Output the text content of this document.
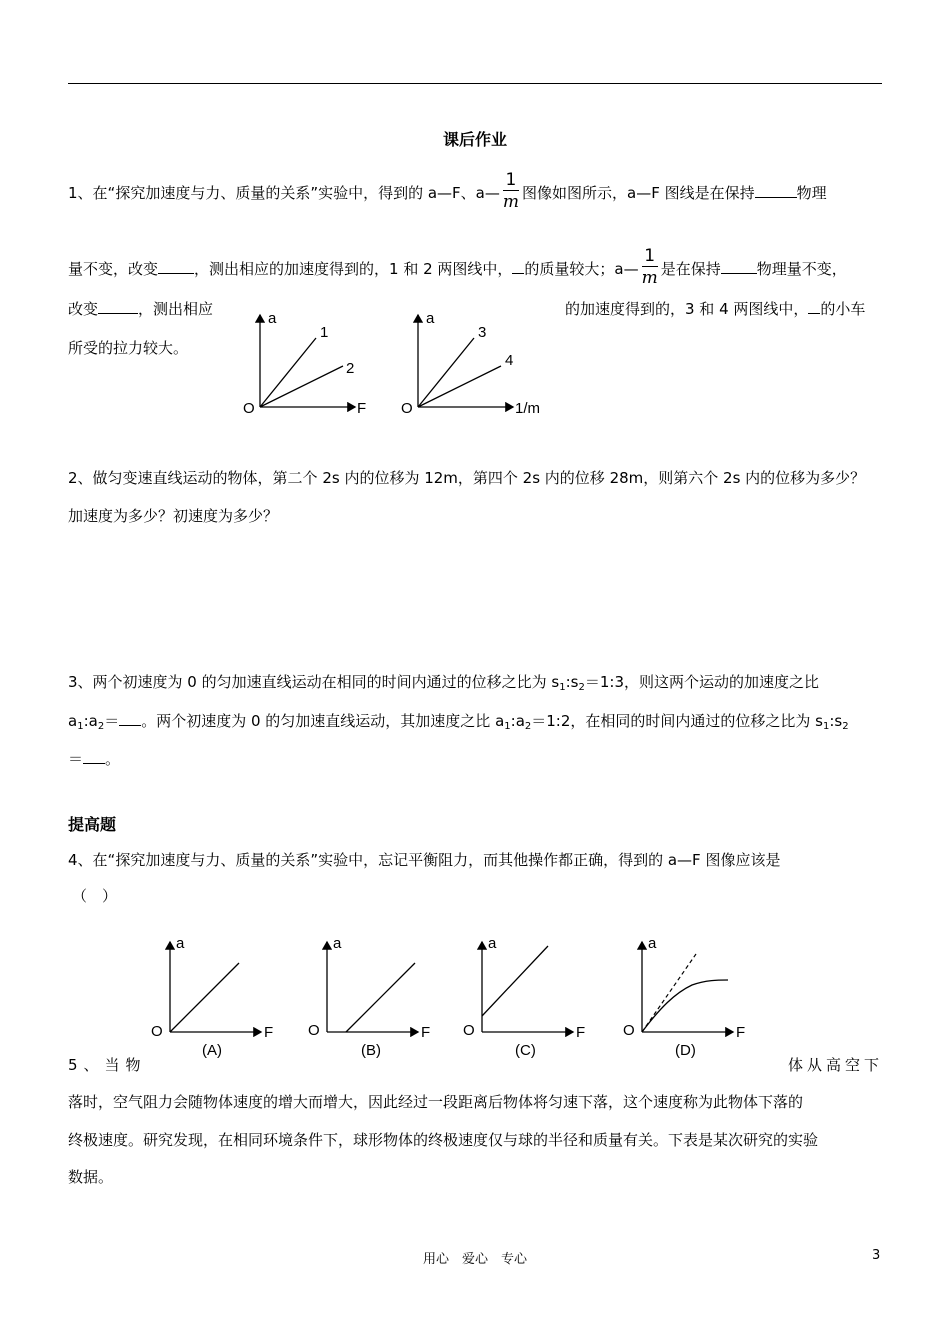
课后作业
1、在“探究加速度与力、质量的关系”实验中，得到的 a—F、a— $\frac{1}{m}$ 图像如图所示，a—F 图线是在保持	物理
量不变，改变 ，测出相应的加速度得到的，1 和 2 两图线中， 的质量较大；a— $\frac{1}{m}$ 是在保持 物理量不变，
改变	，测出相应	的加速度得到的，3 和 4 两图线中， 的小车
所受的拉力较大。
a
F
O
1
2
a
1/m
O
3
4
2、做匀变速直线运动的物体，第二个 2s 内的位移为 12m，第四个 2s 内的位移 28m，则第六个 2s 内的位移为多少？
加速度为多少？初速度为多少？
3、两个初速度为 0 的匀加速直线运动在相同的时间内通过的位移之比为 $s_1:s_2=1:3$，则这两个运动的加速度之比
$a_1:a_2=$ 。两个初速度为 0 的匀加速直线运动，其加速度之比 $a_1:a_2=1:2$，在相同的时间内通过的位移之比为 $s_1:s_2$
＝ 。
提高题
4、在“探究加速度与力、质量的关系”实验中，忘记平衡阻力，而其他操作都正确，得到的 a—F 图像应该是
（　）
a
F
O
(A)
a
F
O
(B)
a
F
O
(C)
a
F
O
(D)
5、当物	体从高空下
落时，空气阻力会随物体速度的增大而增大，因此经过一段距离后物体将匀速下落，这个速度称为此物体下落的
终极速度。研究发现，在相同环境条件下，球形物体的终极速度仅与球的半径和质量有关。下表是某次研究的实验
数据。
用心　爱心　专心	3
